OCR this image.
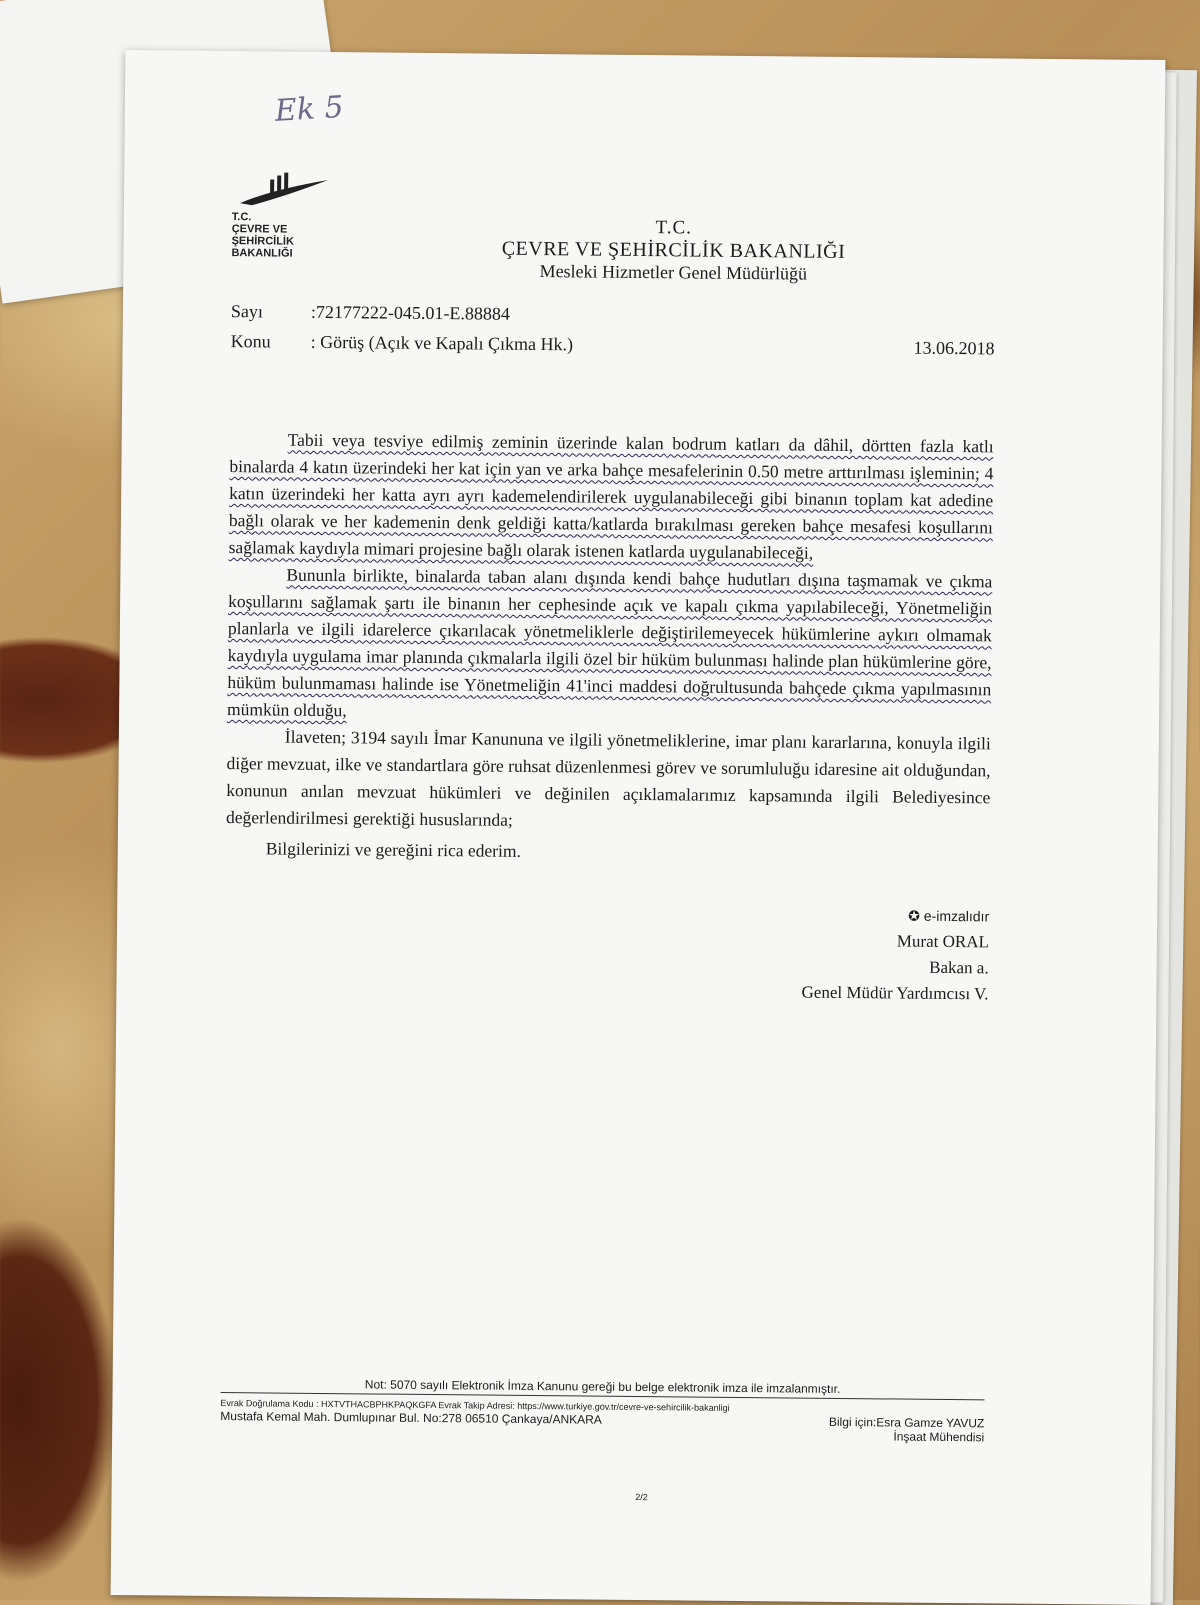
Ek 5
T.C.
ÇEVRE VE ŞEHİRCİLİK
BAKANLIĞI
T.C.
ÇEVRE VE ŞEHİRCİLİK BAKANLIĞI
Mesleki Hizmetler Genel Müdürlüğü
Sayı	:72177222-045.01-E.88884
Konu	: Görüş (Açık ve Kapalı Çıkma Hk.)	13.06.2018

Tabii veya tesviye edilmiş zeminin üzerinde kalan bodrum katları da dâhil, dörtten fazla katlı binalarda 4 katın üzerindeki her kat için yan ve arka bahçe mesafelerinin 0.50 metre arttırılması işleminin; 4 katın üzerindeki her katta ayrı ayrı kademelendirilerek uygulanabileceği gibi binanın toplam kat adedine bağlı olarak ve her kademenin denk geldiği katta/katlarda bırakılması gereken bahçe mesafesi koşullarını sağlamak kaydıyla mimari projesine bağlı olarak istenen katlarda uygulanabileceği,

Bununla birlikte, binalarda taban alanı dışında kendi bahçe hudutları dışına taşmamak ve çıkma koşullarını sağlamak şartı ile binanın her cephesinde açık ve kapalı çıkma yapılabileceği, Yönetmeliğin planlarla ve ilgili idarelerce çıkarılacak yönetmeliklerle değiştirilemeyecek hükümlerine aykırı olmamak kaydıyla uygulama imar planında çıkmalarla ilgili özel bir hüküm bulunması halinde plan hükümlerine göre, hüküm bulunmaması halinde ise Yönetmeliğin 41'inci maddesi doğrultusunda bahçede çıkma yapılmasının mümkün olduğu,

İlaveten; 3194 sayılı İmar Kanununa ve ilgili yönetmeliklerine, imar planı kararlarına, konuyla ilgili diğer mevzuat, ilke ve standartlara göre ruhsat düzenlenmesi görev ve sorumluluğu idaresine ait olduğundan, konunun anılan mevzuat hükümleri ve değinilen açıklamalarımız kapsamında ilgili Belediyesince değerlendirilmesi gerektiği hususlarında;

Bilgilerinizi ve gereğini rica ederim.

✪ e-imzalıdır
Murat ORAL
Bakan a.
Genel Müdür Yardımcısı V.
Not: 5070 sayılı Elektronik İmza Kanunu gereği bu belge elektronik imza ile imzalanmıştır.
Evrak Doğrulama Kodu : HXTVTHACBPHKPAQKGFA Evrak Takip Adresi: https://www.turkiye.gov.tr/cevre-ve-sehircilik-bakanligi
Mustafa Kemal Mah. Dumlupınar Bul. No:278 06510 Çankaya/ANKARA	Bilgi için:Esra Gamze YAVUZ
İnşaat Mühendisi
2/2
